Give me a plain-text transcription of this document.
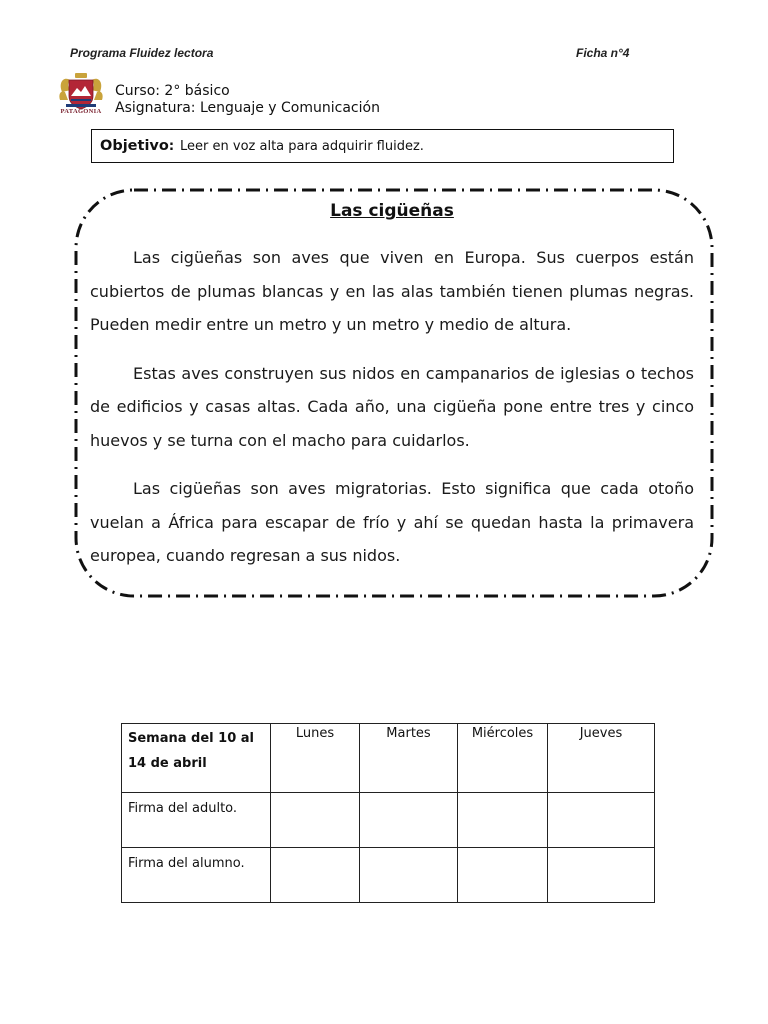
Programa Fluidez lectora	Ficha n°4
PATAGONIA
Curso: 2° básico
Asignatura: Lenguaje y Comunicación
Objetivo : Leer en voz alta para adquirir fluidez.
Las cigüeñas

Las cigüeñas son aves que viven en Europa. Sus cuerpos están cubiertos de plumas blancas y en las alas también tienen plumas negras. Pueden medir entre un metro y un metro y medio de altura.

Estas aves construyen sus nidos en campanarios de iglesias o techos de edificios y casas altas. Cada año, una cigüeña pone entre tres y cinco huevos y se turna con el macho para cuidarlos.

Las cigüeñas son aves migratorias. Esto significa que cada otoño vuelan a África para escapar de frío y ahí se quedan hasta la primavera europea, cuando regresan a sus nidos.

Semana del 10 al 14 de abril	Lunes	Martes	Miércoles	Jueves
Firma del adulto.				
Firma del alumno.				
